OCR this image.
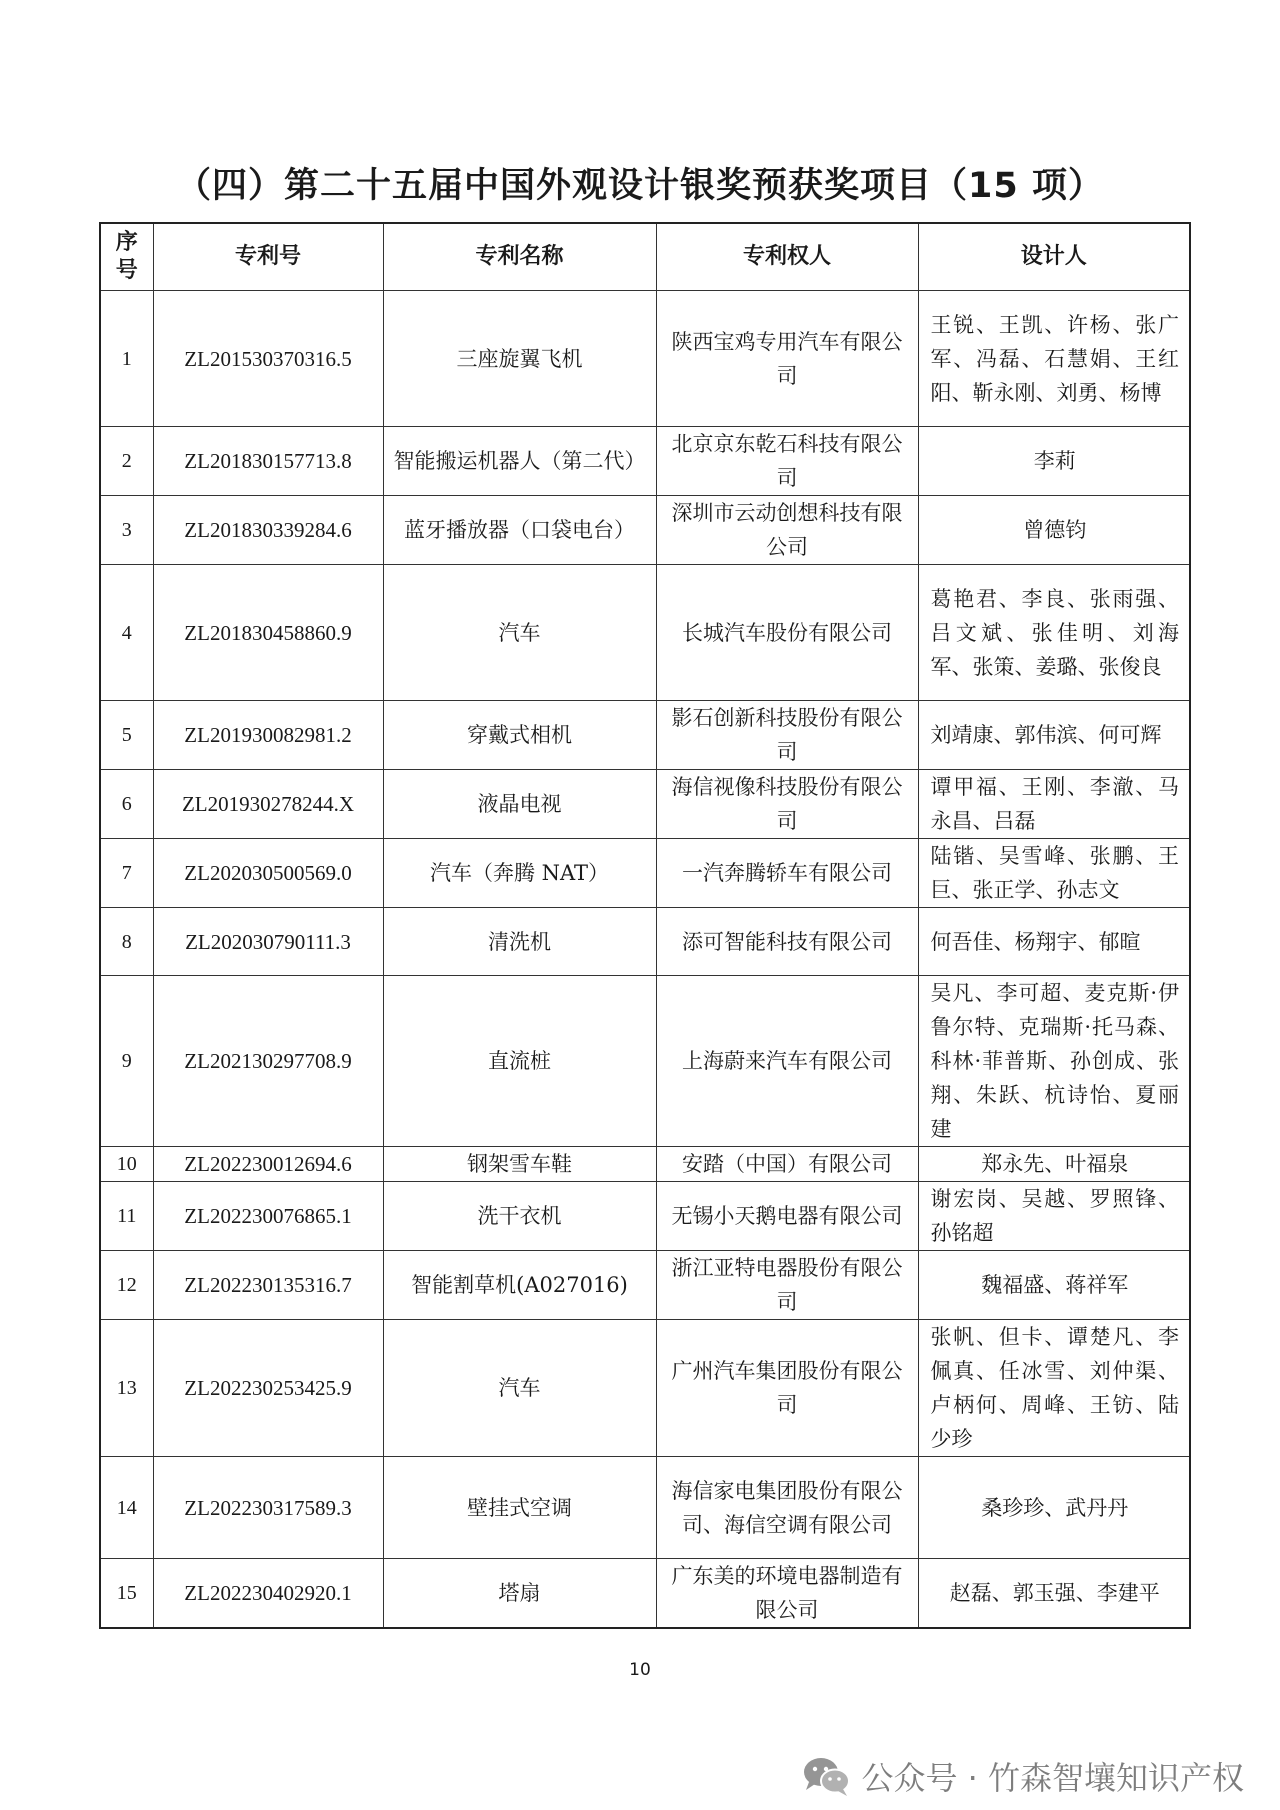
（四）第二十五届中国外观设计银奖预获奖项目（15 项）
序号	专利号	专利名称	专利权人	设计人
1	ZL201530370316.5	三座旋翼飞机	陕西宝鸡专用汽车有限公司	王锐、王凯、许杨、张广军、冯磊、石慧娟、王红阳、靳永刚、刘勇、杨博
2	ZL201830157713.8	智能搬运机器人（第二代）	北京京东乾石科技有限公司	李莉
3	ZL201830339284.6	蓝牙播放器（口袋电台）	深圳市云动创想科技有限公司	曾德钧
4	ZL201830458860.9	汽车	长城汽车股份有限公司	葛艳君、李良、张雨强、吕文斌、张佳明、刘海军、张策、姜璐、张俊良
5	ZL201930082981.2	穿戴式相机	影石创新科技股份有限公司	刘靖康、郭伟滨、何可辉
6	ZL201930278244.X	液晶电视	海信视像科技股份有限公司	谭甲福、王刚、李澈、马永昌、吕磊
7	ZL202030500569.0	汽车（奔腾 NAT）	一汽奔腾轿车有限公司	陆锴、吴雪峰、张鹏、王巨、张正学、孙志文
8	ZL202030790111.3	清洗机	添可智能科技有限公司	何吾佳、杨翔宇、郁暄
9	ZL202130297708.9	直流桩	上海蔚来汽车有限公司	吴凡、李可超、麦克斯·伊鲁尔特、克瑞斯·托马森、科林·菲普斯、孙创成、张翔、朱跃、杭诗怡、夏丽建
10	ZL202230012694.6	钢架雪车鞋	安踏（中国）有限公司	郑永先、叶福泉
11	ZL202230076865.1	洗干衣机	无锡小天鹅电器有限公司	谢宏岗、吴越、罗照锋、孙铭超
12	ZL202230135316.7	智能割草机(A027016)	浙江亚特电器股份有限公司	魏福盛、蒋祥军
13	ZL202230253425.9	汽车	广州汽车集团股份有限公司	张帆、但卡、谭楚凡、李佩真、任冰雪、刘仲渠、卢柄何、周峰、王钫、陆少珍
14	ZL202230317589.3	壁挂式空调	海信家电集团股份有限公司、海信空调有限公司	桑珍珍、武丹丹
15	ZL202230402920.1	塔扇	广东美的环境电器制造有限公司	赵磊、郭玉强、李建平
10
公众号 · 竹森智壤知识产权
